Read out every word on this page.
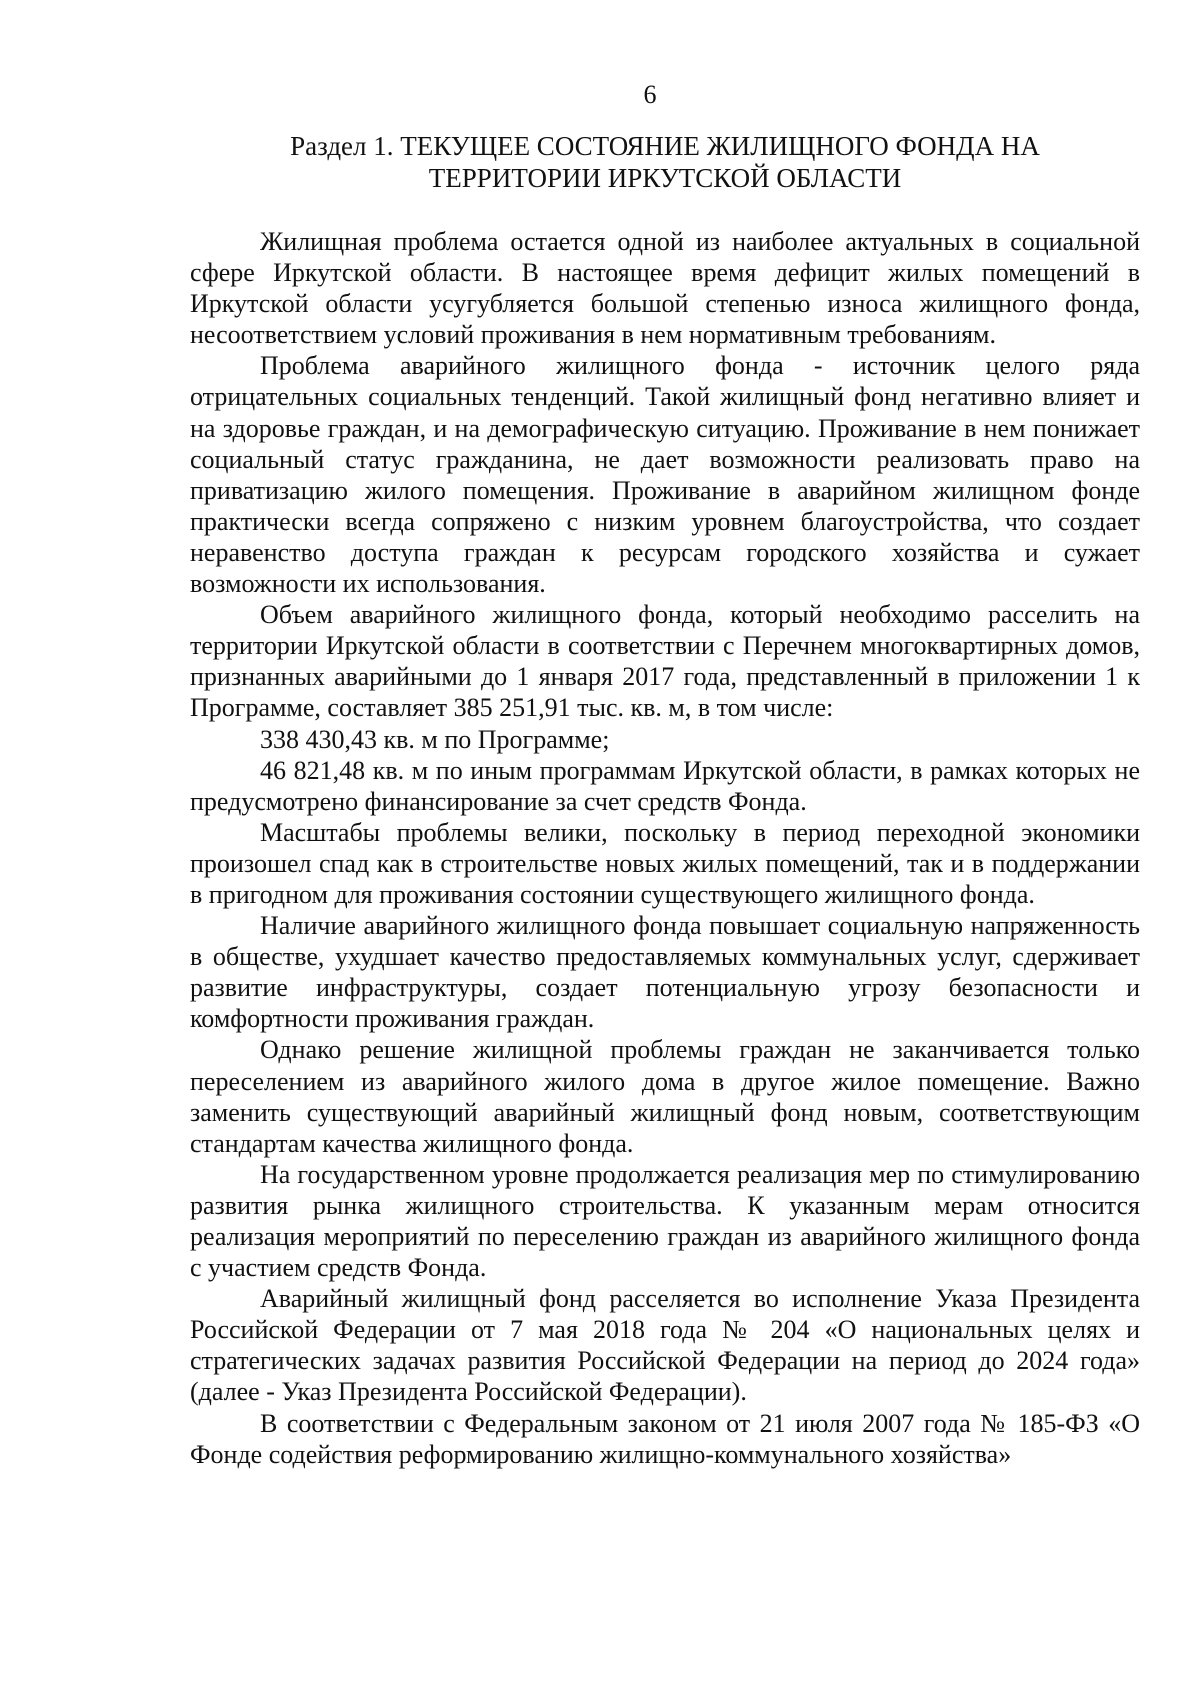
6
Раздел 1. ТЕКУЩЕЕ СОСТОЯНИЕ ЖИЛИЩНОГО ФОНДА НА
ТЕРРИТОРИИ ИРКУТСКОЙ ОБЛАСТИ

Жилищная проблема остается одной из наиболее актуальных в социальной сфере Иркутской области. В настоящее время дефицит жилых помещений в Иркутской области усугубляется большой степенью износа жилищного фонда, несоответствием условий проживания в нем нормативным требованиям.

Проблема аварийного жилищного фонда - источник целого ряда отрицательных социальных тенденций. Такой жилищный фонд негативно влияет и на здоровье граждан, и на демографическую ситуацию. Проживание в нем понижает социальный статус гражданина, не дает возможности реализовать право на приватизацию жилого помещения. Проживание в аварийном жилищном фонде практически всегда сопряжено с низким уровнем благоустройства, что создает неравенство доступа граждан к ресурсам городского хозяйства и сужает возможности их использования.

Объем аварийного жилищного фонда, который необходимо расселить на территории Иркутской области в соответствии с Перечнем многоквартирных домов, признанных аварийными до 1 января 2017 года, представленный в приложении 1 к Программе, составляет 385 251,91 тыс. кв. м, в том числе:

338 430,43 кв. м по Программе;

46 821,48 кв. м по иным программам Иркутской области, в рамках которых не предусмотрено финансирование за счет средств Фонда.

Масштабы проблемы велики, поскольку в период переходной экономики произошел спад как в строительстве новых жилых помещений, так и в поддержании в пригодном для проживания состоянии существующего жилищного фонда.

Наличие аварийного жилищного фонда повышает социальную напряженность в обществе, ухудшает качество предоставляемых коммунальных услуг, сдерживает развитие инфраструктуры, создает потенциальную угрозу безопасности и комфортности проживания граждан.

Однако решение жилищной проблемы граждан не заканчивается только переселением из аварийного жилого дома в другое жилое помещение. Важно заменить существующий аварийный жилищный фонд новым, соответствующим стандартам качества жилищного фонда.

На государственном уровне продолжается реализация мер по стимулированию развития рынка жилищного строительства. К указанным мерам относится реализация мероприятий по переселению граждан из аварийного жилищного фонда с участием средств Фонда.

Аварийный жилищный фонд расселяется во исполнение Указа Президента Российской Федерации от 7 мая 2018 года № 204 «О национальных целях и стратегических задачах развития Российской Федерации на период до 2024 года» (далее - Указ Президента Российской Федерации).

В соответствии с Федеральным законом от 21 июля 2007 года № 185-ФЗ «О Фонде содействия реформированию жилищно-коммунального хозяйства»
